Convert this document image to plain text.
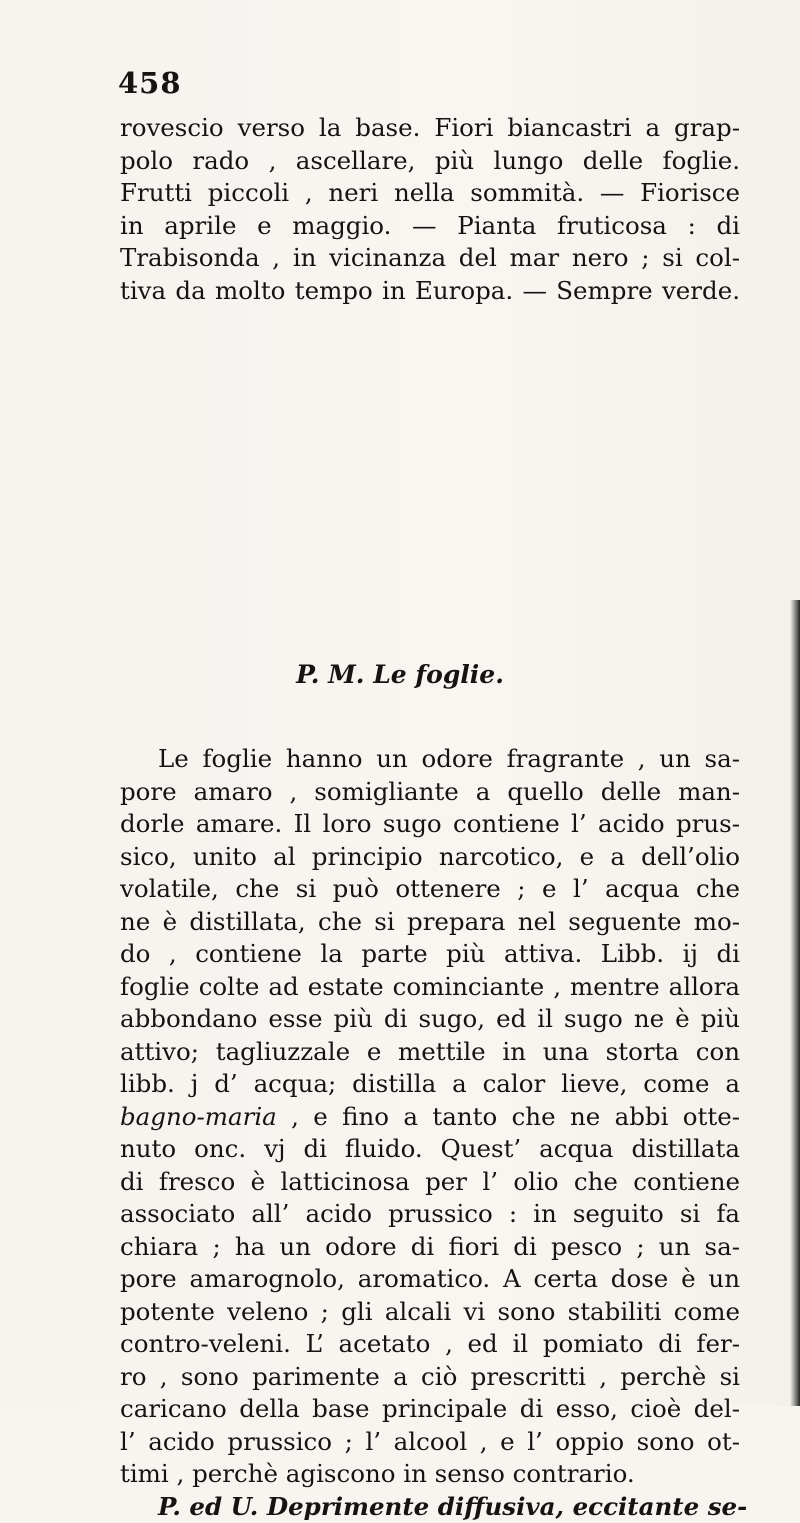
458
rovescio verso la base. Fiori biancastri a grap-
polo rado , ascellare, più lungo delle foglie.
Frutti piccoli , neri nella sommità. — Fiorisce
in aprile e maggio. — Pianta fruticosa : di
Trabisonda , in vicinanza del mar nero ; si col-
tiva da molto tempo in Europa. — Sempre verde.
P. M. Le foglie.
Le foglie hanno un odore fragrante , un sa-
pore amaro , somigliante a quello delle man-
dorle amare. Il loro sugo contiene l’ acido prus-
sico, unito al principio narcotico, e a dell’olio
volatile, che si può ottenere ; e l’ acqua che
ne è distillata, che si prepara nel seguente mo-
do , contiene la parte più attiva. Libb. ij di
foglie colte ad estate cominciante , mentre allora
abbondano esse più di sugo, ed il sugo ne è più
attivo; tagliuzzale e mettile in una storta con
libb. j d’ acqua; distilla a calor lieve, come a
bagno-maria , e fino a tanto che ne abbi otte-
nuto onc. vj di fluido. Quest’ acqua distillata
di fresco è latticinosa per l’ olio che contiene
associato all’ acido prussico : in seguito si fa
chiara ; ha un odore di fiori di pesco ; un sa-
pore amarognolo, aromatico. A certa dose è un
potente veleno ; gli alcali vi sono stabiliti come
contro-veleni. L’ acetato , ed il pomiato di fer-
ro , sono parimente a ciò prescritti , perchè si
caricano della base principale di esso, cioè del-
l’ acido prussico ; l’ alcool , e l’ oppio sono ot-
timi , perchè agiscono in senso contrario.
P. ed U. Deprimente diffusiva, eccitante se-
